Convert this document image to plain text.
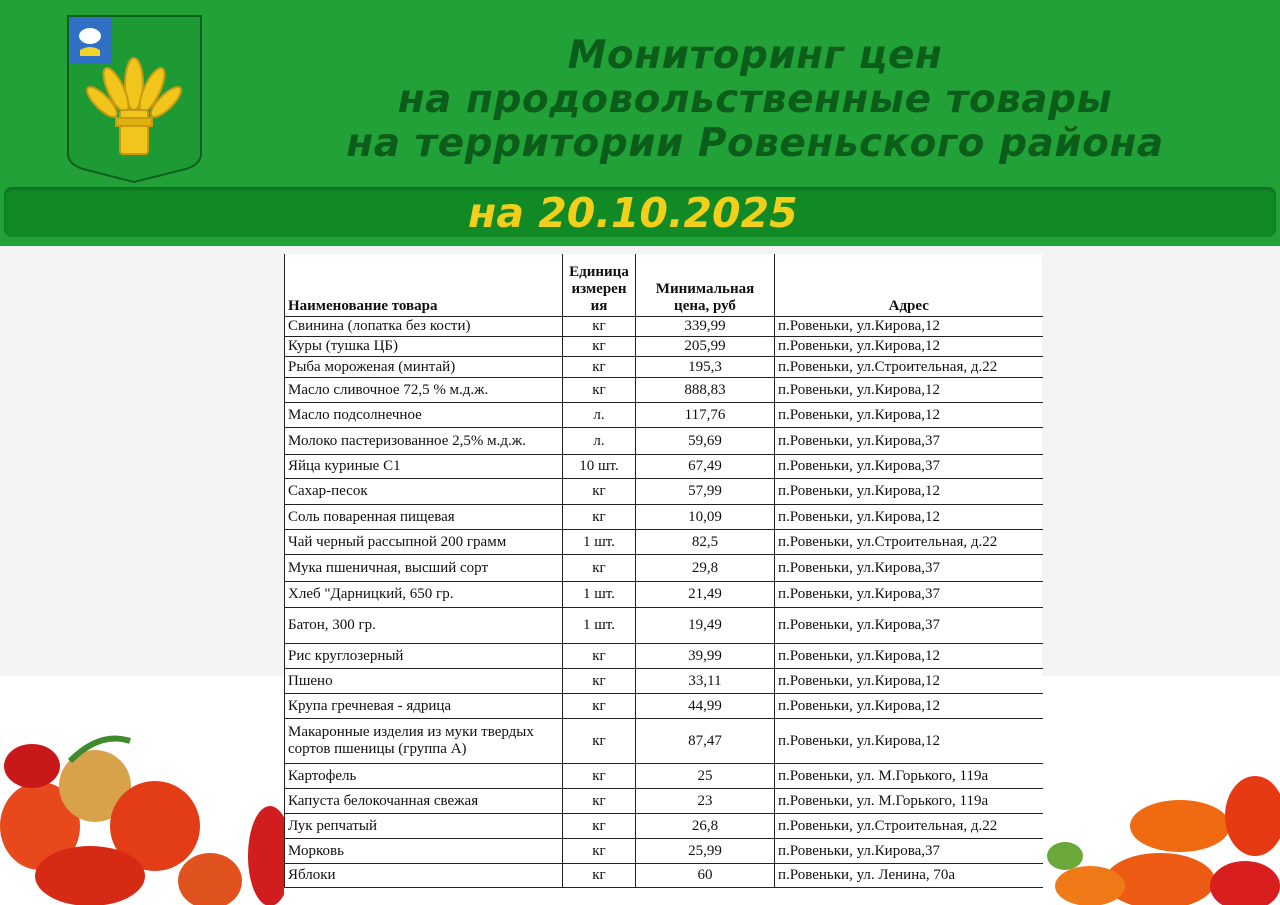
Мониторинг цен
на продовольственные товары
на территории Ровеньского района
на 20.10.2025
Наименование товара	Единица измерен ия	Минимальная цена, руб	Адрес
Свинина (лопатка без кости)	кг	339,99	п.Ровеньки, ул.Кирова,12
Куры (тушка ЦБ)	кг	205,99	п.Ровеньки, ул.Кирова,12
Рыба мороженая (минтай)	кг	195,3	п.Ровеньки, ул.Строительная, д.22
Масло сливочное 72,5 % м.д.ж.	кг	888,83	п.Ровеньки, ул.Кирова,12
Масло подсолнечное	л.	117,76	п.Ровеньки, ул.Кирова,12
Молоко пастеризованное 2,5% м.д.ж.	л.	59,69	п.Ровеньки, ул.Кирова,37
Яйца куриные С1	10 шт.	67,49	п.Ровеньки, ул.Кирова,37
Сахар-песок	кг	57,99	п.Ровеньки, ул.Кирова,12
Соль поваренная пищевая	кг	10,09	п.Ровеньки, ул.Кирова,12
Чай черный рассыпной 200 грамм	1 шт.	82,5	п.Ровеньки, ул.Строительная, д.22
Мука пшеничная, высший сорт	кг	29,8	п.Ровеньки, ул.Кирова,37
Хлеб "Дарницкий, 650 гр.	1 шт.	21,49	п.Ровеньки, ул.Кирова,37
Батон, 300 гр.	1 шт.	19,49	п.Ровеньки, ул.Кирова,37
Рис круглозерный	кг	39,99	п.Ровеньки, ул.Кирова,12
Пшено	кг	33,11	п.Ровеньки, ул.Кирова,12
Крупа гречневая - ядрица	кг	44,99	п.Ровеньки, ул.Кирова,12
Макаронные изделия из муки твердых сортов пшеницы (группа А)	кг	87,47	п.Ровеньки, ул.Кирова,12
Картофель	кг	25	п.Ровеньки, ул. М.Горького, 119а
Капуста белокочанная свежая	кг	23	п.Ровеньки, ул. М.Горького, 119а
Лук репчатый	кг	26,8	п.Ровеньки, ул.Строительная, д.22
Морковь	кг	25,99	п.Ровеньки, ул.Кирова,37
Яблоки	кг	60	п.Ровеньки, ул. Ленина, 70а
